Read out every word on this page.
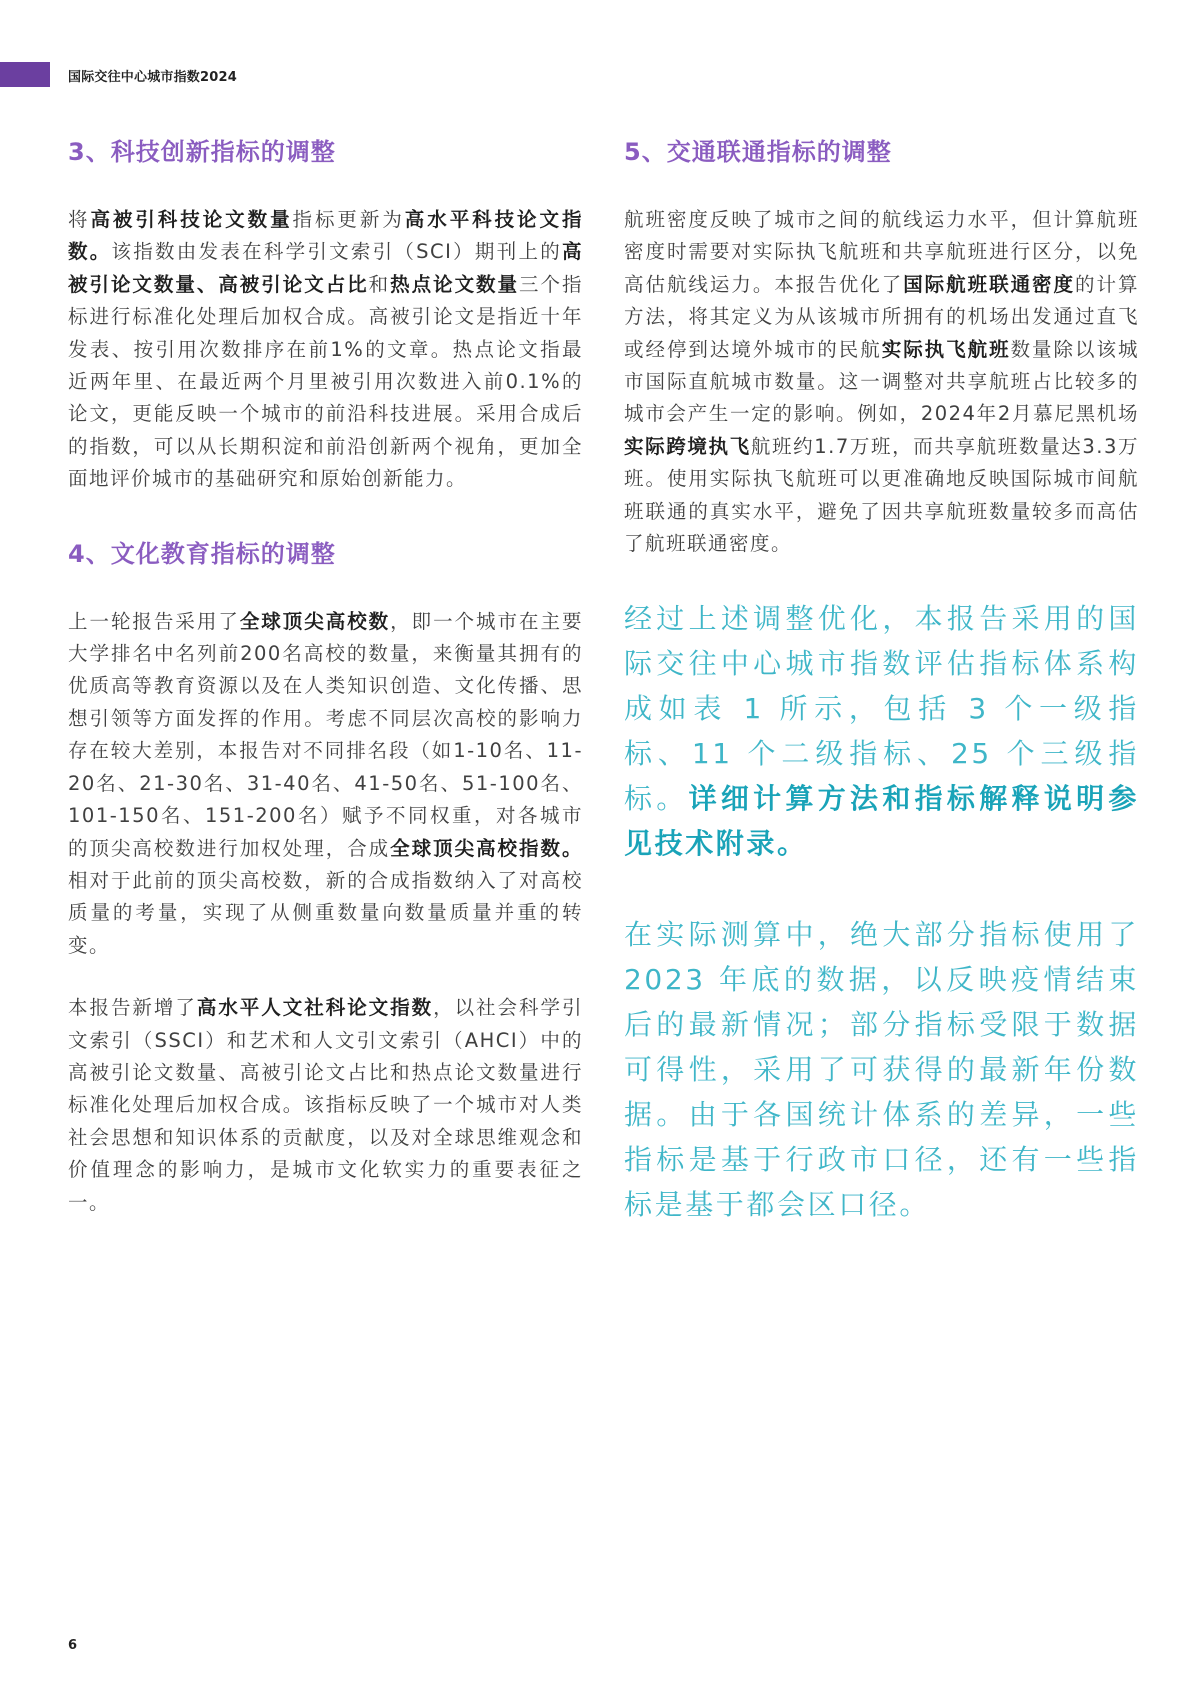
国际交往中心城市指数2024
3、科技创新指标的调整

将高被引科技论文数量指标更新为高水平科技论文指数。该指数由发表在科学引文索引（SCI）期刊上的高被引论文数量、高被引论文占比和热点论文数量三个指标进行标准化处理后加权合成。高被引论文是指近十年发表、按引用次数排序在前1%的文章。热点论文指最近两年里、在最近两个月里被引用次数进入前0.1%的论文，更能反映一个城市的前沿科技进展。采用合成后的指数，可以从长期积淀和前沿创新两个视角，更加全面地评价城市的基础研究和原始创新能力。

4、文化教育指标的调整

上一轮报告采用了全球顶尖高校数，即一个城市在主要大学排名中名列前200名高校的数量，来衡量其拥有的优质高等教育资源以及在人类知识创造、文化传播、思想引领等方面发挥的作用。考虑不同层次高校的影响力存在较大差别，本报告对不同排名段（如1-10名、11-20名、21-30名、31-40名、41-50名、51-100名、101-150名、151-200名）赋予不同权重，对各城市的顶尖高校数进行加权处理，合成全球顶尖高校指数。相对于此前的顶尖高校数，新的合成指数纳入了对高校质量的考量，实现了从侧重数量向数量质量并重的转变。

本报告新增了高水平人文社科论文指数，以社会科学引文索引（SSCI）和艺术和人文引文索引（AHCI）中的高被引论文数量、高被引论文占比和热点论文数量进行标准化处理后加权合成。该指标反映了一个城市对人类社会思想和知识体系的贡献度，以及对全球思维观念和价值理念的影响力，是城市文化软实力的重要表征之一。

5、交通联通指标的调整

航班密度反映了城市之间的航线运力水平，但计算航班密度时需要对实际执飞航班和共享航班进行区分，以免高估航线运力。本报告优化了国际航班联通密度的计算方法，将其定义为从该城市所拥有的机场出发通过直飞或经停到达境外城市的民航实际执飞航班数量除以该城市国际直航城市数量。这一调整对共享航班占比较多的城市会产生一定的影响。例如，2024年2月慕尼黑机场实际跨境执飞航班约1.7万班，而共享航班数量达3.3万班。使用实际执飞航班可以更准确地反映国际城市间航班联通的真实水平，避免了因共享航班数量较多而高估了航班联通密度。

经过上述调整优化，本报告采用的国际交往中心城市指数评估指标体系构成如表 1 所示，包括 3 个一级指标、11 个二级指标、25 个三级指标。详细计算方法和指标解释说明参见技术附录。

在实际测算中，绝大部分指标使用了 2023 年底的数据，以反映疫情结束后的最新情况；部分指标受限于数据可得性，采用了可获得的最新年份数据。由于各国统计体系的差异，一些指标是基于行政市口径，还有一些指标是基于都会区口径。

6
